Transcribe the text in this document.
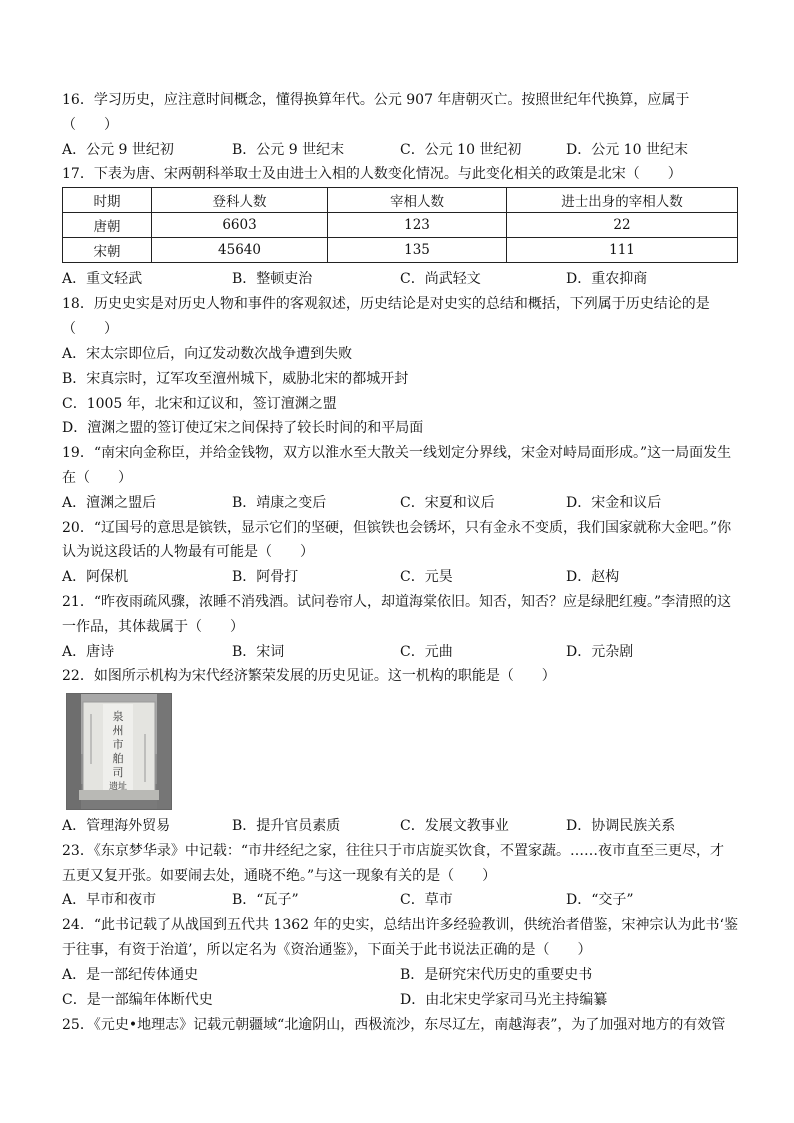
16．学习历史，应注意时间概念，懂得换算年代。公元 907 年唐朝灭亡。按照世纪年代换算，应属于
（　　）
A．公元 9 世纪初	B．公元 9 世纪末	C．公元 10 世纪初	D．公元 10 世纪末
17．下表为唐、宋两朝科举取士及由进士入相的人数变化情况。与此变化相关的政策是北宋（　　）
时期	登科人数	宰相人数	进士出身的宰相人数
唐朝	6603	123	22
宋朝	45640	135	111
A．重文轻武	B．整顿吏治	C．尚武轻文	D．重农抑商
18．历史史实是对历史人物和事件的客观叙述，历史结论是对史实的总结和概括，下列属于历史结论的是
（　　）
A．宋太宗即位后，向辽发动数次战争遭到失败
B．宋真宗时，辽军攻至澶州城下，威胁北宋的都城开封
C．1005 年，北宋和辽议和，签订澶渊之盟
D．澶渊之盟的签订使辽宋之间保持了较长时间的和平局面
19．“南宋向金称臣，并给金钱物，双方以淮水至大散关一线划定分界线，宋金对峙局面形成。”这一局面发生
在（　　）
A．澶渊之盟后	B．靖康之变后	C．宋夏和议后	D．宋金和议后
20．“辽国号的意思是镔铁，显示它们的坚硬，但镔铁也会锈坏，只有金永不变质，我们国家就称大金吧。”你
认为说这段话的人物最有可能是（　　）
A．阿保机	B．阿骨打	C．元昊	D．赵构
21．“昨夜雨疏风骤，浓睡不消残酒。试问卷帘人，却道海棠依旧。知否，知否？应是绿肥红瘦。”李清照的这
一作品，其体裁属于（　　）
A．唐诗	B．宋词	C．元曲	D．元杂剧
22．如图所示机构为宋代经济繁荣发展的历史见证。这一机构的职能是（　　）
泉
州
市
舶
司
遗址
A．管理海外贸易	B．提升官员素质	C．发展文教事业	D．协调民族关系
23．《东京梦华录》中记载：“市井经纪之家，往往只于市店旋买饮食，不置家蔬。……夜市直至三更尽，才
五更又复开张。如要闹去处，通晓不绝。”与这一现象有关的是（　　）
A．早市和夜市	B．“瓦子”	C．草市	D．“交子”
24．“此书记载了从战国到五代共 1362 年的史实，总结出许多经验教训，供统治者借鉴，宋神宗认为此书‘鉴
于往事，有资于治道’，所以定名为《资治通鉴》，下面关于此书说法正确的是（　　）
A．是一部纪传体通史	B．是研究宋代历史的重要史书
C．是一部编年体断代史	D．由北宋史学家司马光主持编纂
25．《元史•地理志》记载元朝疆域“北逾阴山，西极流沙，东尽辽左，南越海表”，为了加强对地方的有效管
